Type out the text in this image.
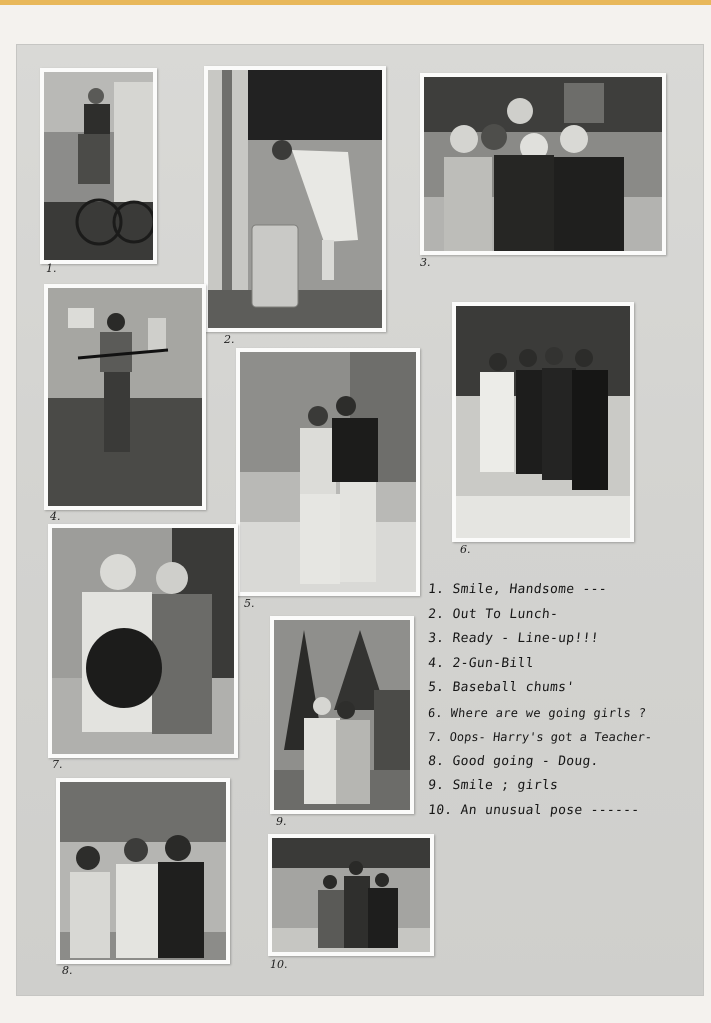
1.
2.
3.
4.
5.
6.
7.
8.
9.
10.
1. Smile, Handsome ---
2. Out To Lunch-
3. Ready - Line-up!!!
4. 2-Gun-Bill
5. Baseball chums'
6. Where are we going girls ?
7. Oops- Harry's got a Teacher-
8. Good going - Doug.
9. Smile ; girls
10. An unusual pose ------
